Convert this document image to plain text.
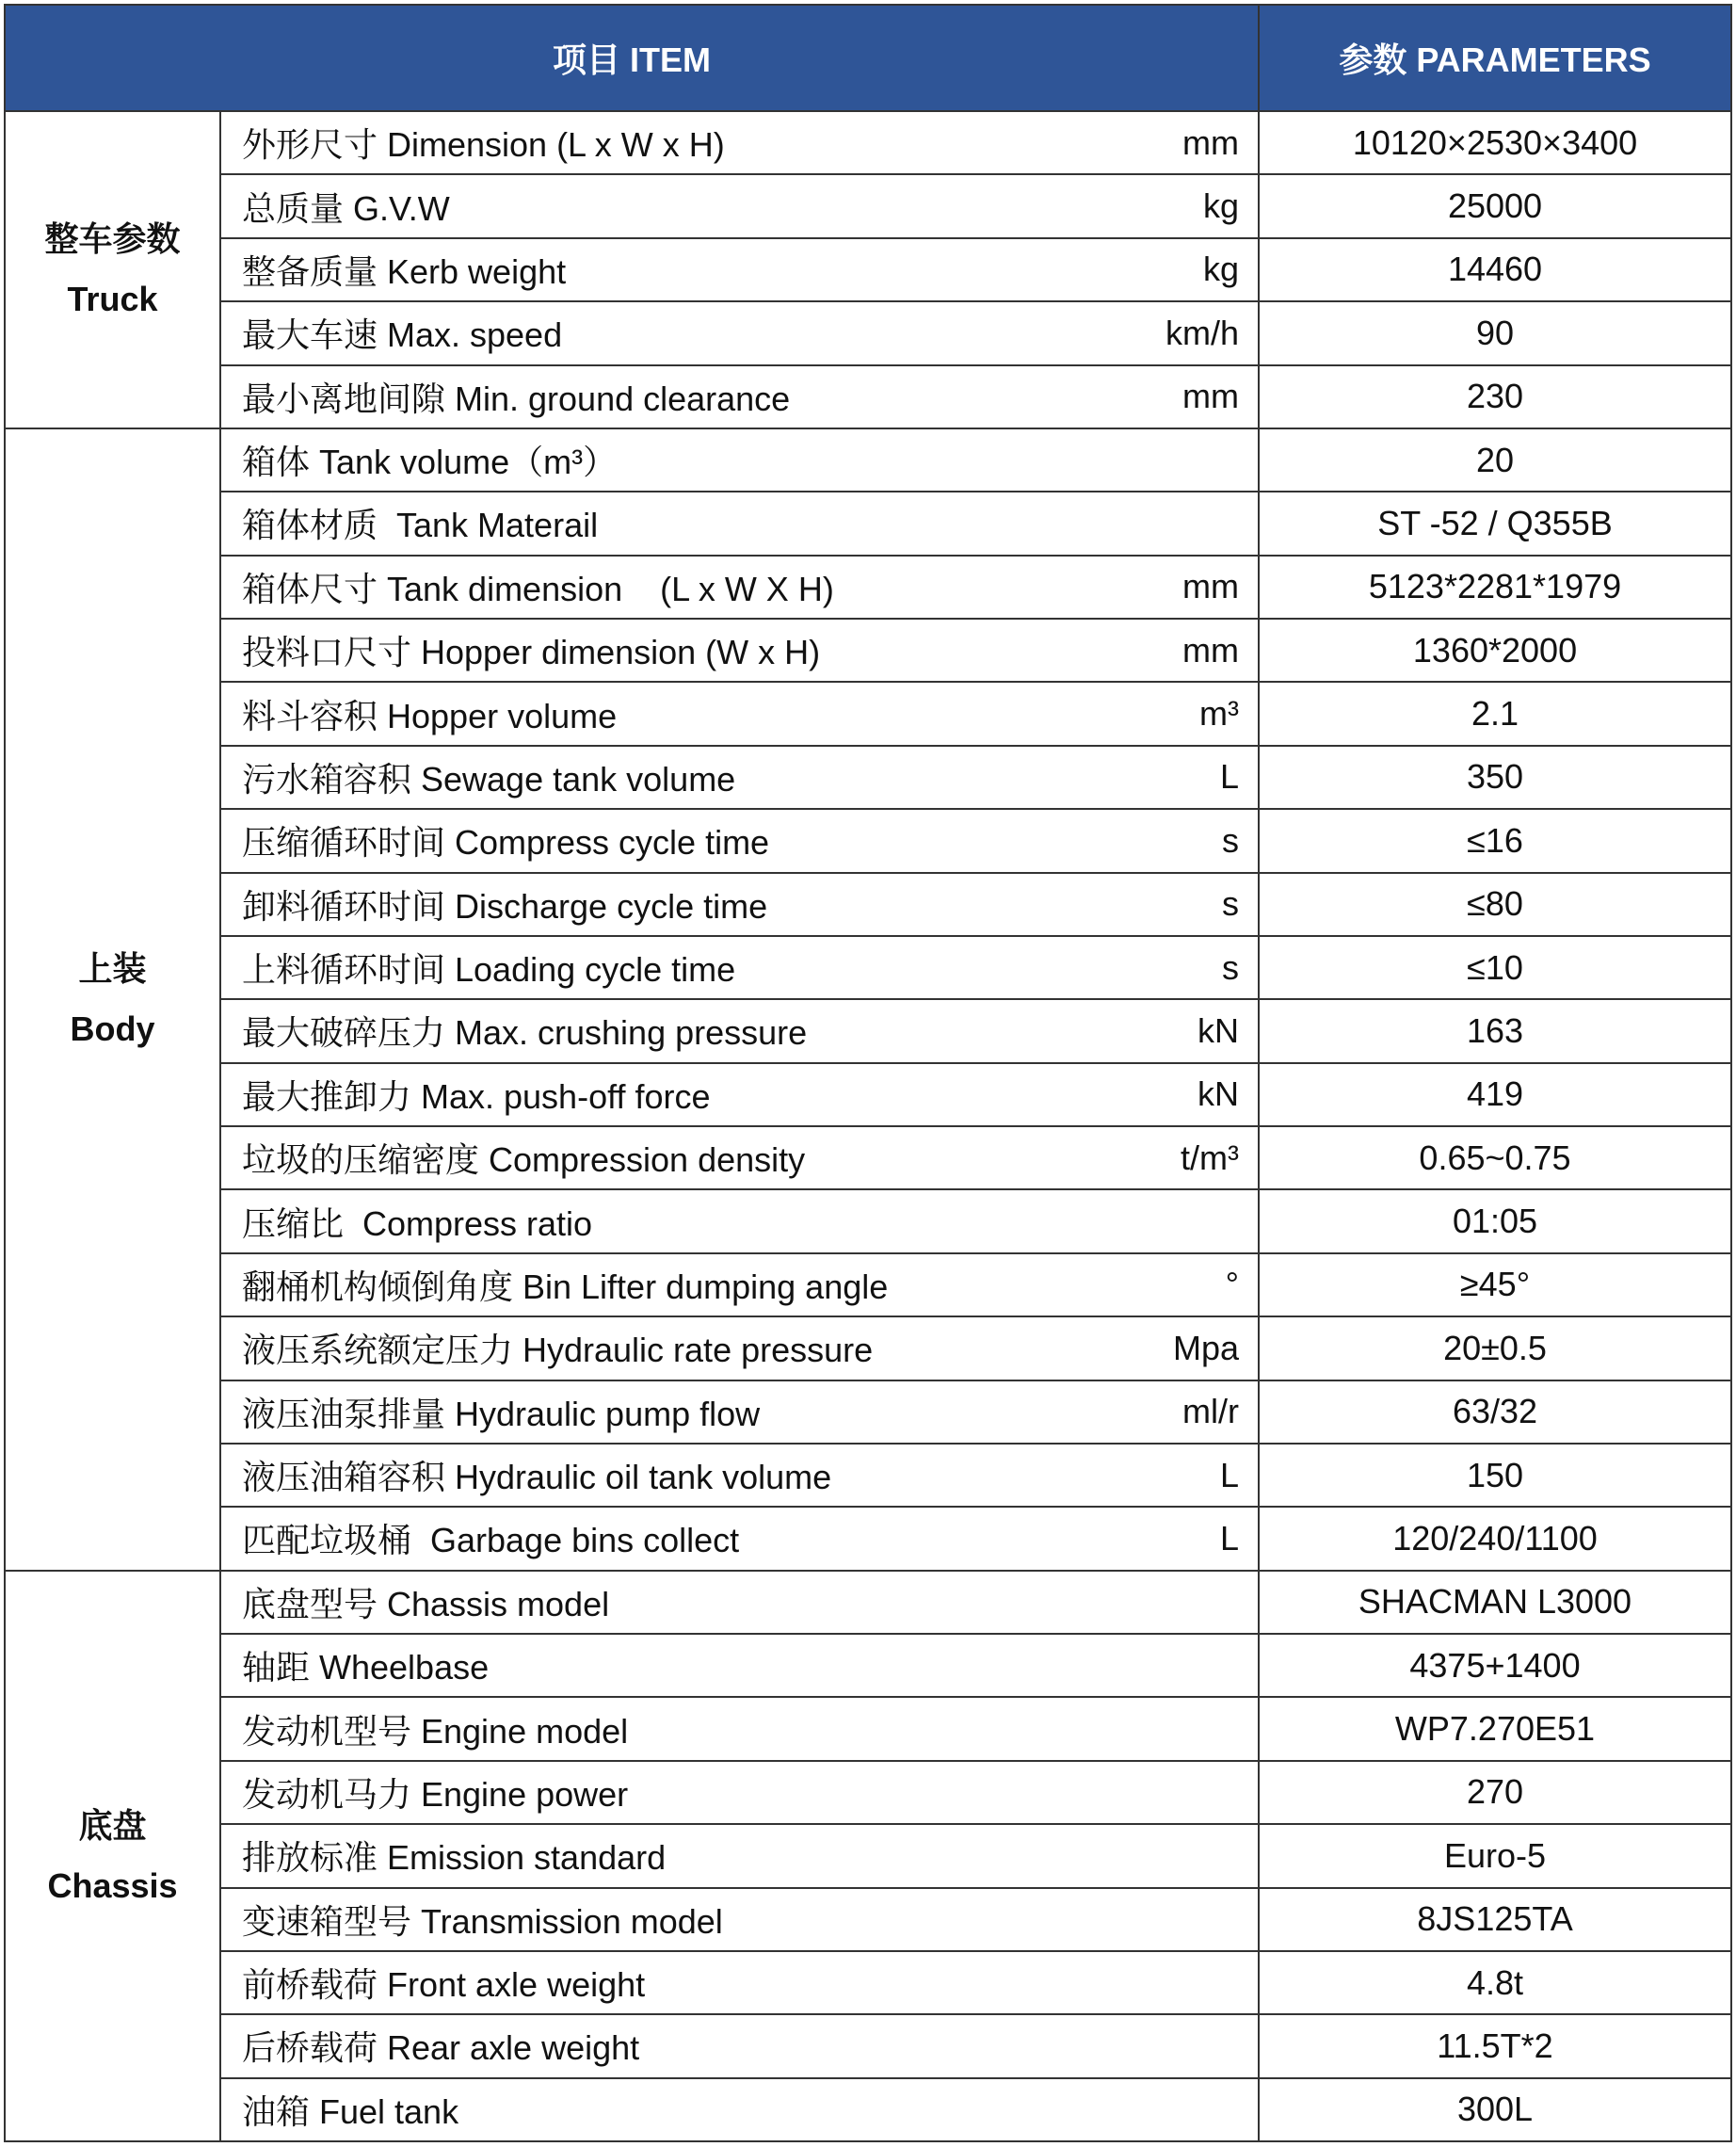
项目 ITEM		参数 PARAMETERS

整车参数
Truck	外形尺寸 Dimension (L x W x H) mm	10120×2530×3400

	总质量 G.V.W kg	25000

	整备质量 Kerb weight kg	14460

	最大车速 Max. speed km/h	90

	最小离地间隙 Min. ground clearance mm	230

上装
Body	箱体 Tank volume（m³）	20

	箱体材质  Tank Materail	ST -52 / Q355B

	箱体尺寸 Tank dimension    (L x W X H) mm	5123*2281*1979

	投料口尺寸 Hopper dimension (W x H) mm	1360*2000

	料斗容积 Hopper volume m³	2.1

	污水箱容积 Sewage tank volume L	350

	压缩循环时间 Compress cycle time s	≤16

	卸料循环时间 Discharge cycle time s	≤80

	上料循环时间 Loading cycle time s	≤10

	最大破碎压力 Max. crushing pressure kN	163

	最大推卸力 Max. push-off force kN	419

	垃圾的压缩密度 Compression density t/m³	0.65~0.75

	压缩比  Compress ratio	01:05

	翻桶机构倾倒角度 Bin Lifter dumping angle °	≥45°

	液压系统额定压力 Hydraulic rate pressure Mpa	20±0.5

	液压油泵排量 Hydraulic pump flow ml/r	63/32

	液压油箱容积 Hydraulic oil tank volume L	150

	匹配垃圾桶  Garbage bins collect L	120/240/1100

底盘
Chassis	底盘型号 Chassis model	SHACMAN L3000

	轴距 Wheelbase	4375+1400

	发动机型号 Engine model	WP7.270E51

	发动机马力 Engine power	270

	排放标准 Emission standard	Euro-5

	变速箱型号 Transmission model	8JS125TA

	前桥载荷 Front axle weight	4.8t

	后桥载荷 Rear axle weight	11.5T*2

	油箱 Fuel tank	300L
